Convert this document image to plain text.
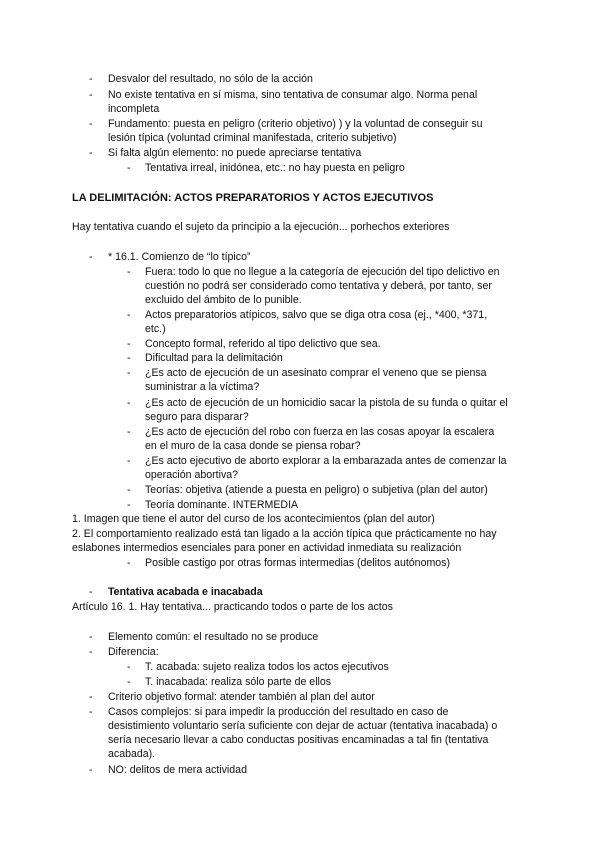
- Desvalor del resultado, no sólo de la acción
- No existe tentativa en sí misma, sino tentativa de consumar algo. Norma penal
incompleta
- Fundamento: puesta en peligro (criterio objetivo) ) y la voluntad de conseguir su
lesión típica (voluntad criminal manifestada, criterio subjetivo)
- Si falta algún elemento: no puede apreciarse tentativa
- Tentativa irreal, inidónea, etc.: no hay puesta en peligro
LA DELIMITACIÓN: ACTOS PREPARATORIOS Y ACTOS EJECUTIVOS
Hay tentativa cuando el sujeto da principio a la ejecución... porhechos exteriores
- * 16.1. Comienzo de “lo típico”
- Fuera: todo lo que no llegue a la categoría de ejecución del tipo delictivo en
cuestión no podrá ser considerado como tentativa y deberá, por tanto, ser
excluido del ámbito de lo punible.
- Actos preparatorios atípicos, salvo que se diga otra cosa (ej., *400, *371,
etc.)
- Concepto formal, referido al tipo delictivo que sea.
- Dificultad para la delimitación
- ¿Es acto de ejecución de un asesinato comprar el veneno que se piensa
suministrar a la víctima?
- ¿Es acto de ejecución de un homicidio sacar la pistola de su funda o quitar el
seguro para disparar?
- ¿Es acto de ejecución del robo con fuerza en las cosas apoyar la escalera
en el muro de la casa donde se piensa robar?
- ¿Es acto ejecutivo de aborto explorar a la embarazada antes de comenzar la
operación abortiva?
- Teorías: objetiva (atiende a puesta en peligro) o subjetiva (plan del autor)
- Teoría dominante. INTERMEDIA
1. Imagen que tiene el autor del curso de los acontecimientos (plan del autor)
2. El comportamiento realizado está tan ligado a la acción típica que prácticamente no hay
eslabones intermedios esenciales para poner en actividad inmediata su realización
- Posible castigo por otras formas intermedias (delitos autónomos)
- Tentativa acabada e inacabada
Artículo 16. 1. Hay tentativa... practicando todos o parte de los actos
- Elemento común: el resultado no se produce
- Diferencia:
- T. acabada: sujeto realiza todos los actos ejecutivos
- T. inacabada: realiza sólo parte de ellos
- Criterio objetivo formal: atender también al plan del autor
- Casos complejos: si para impedir la producción del resultado en caso de
desistimiento voluntario sería suficiente con dejar de actuar (tentativa inacabada) o
sería necesario llevar a cabo conductas positivas encaminadas a tal fin (tentativa
acabada).
- NO: delitos de mera actividad
